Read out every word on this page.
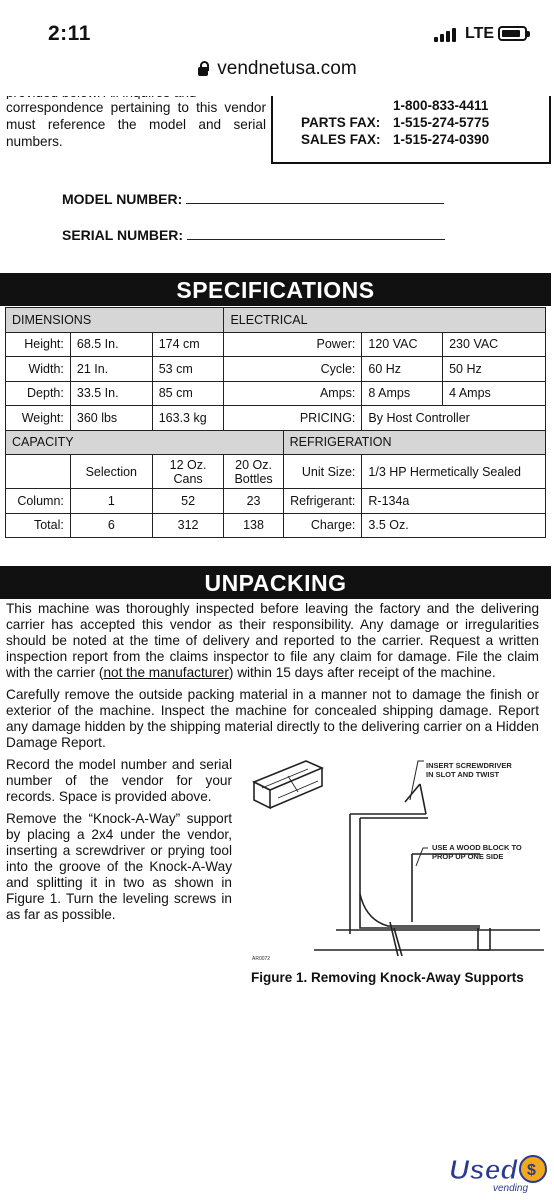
correspondence pertaining to this vendor must reference the model and serial numbers.
1-800-833-4411
PARTS FAX: 1-515-274-5775
SALES FAX: 1-515-274-0390
MODEL NUMBER:
SERIAL NUMBER:
SPECIFICATIONS
DIMENSIONS			ELECTRICAL			
Height:	68.5 In.	174 cm	Power:		120 VAC	230 VAC
Width:	21 In.	53 cm	Cycle:		60 Hz	50 Hz
Depth:	33.5 In.	85 cm	Amps:		8 Amps	4 Amps
Weight:	360 lbs	163.3 kg	PRICING:		By Host Controller	
CAPACITY				REFRIGERATION		
	Selection	12 Oz. Cans	20 Oz. Bottles	Unit Size:	1/3 HP Hermetically Sealed	
Column:	1	52	23	Refrigerant:	R-134a	
Total:	6	312	138	Charge:	3.5 Oz.	
UNPACKING
This machine was thoroughly inspected before leaving the factory and the delivering carrier has accepted this vendor as their responsibility. Any damage or irregularities should be noted at the time of delivery and reported to the carrier. Request a written inspection report from the claims inspector to file any claim for damage. File the claim with the carrier (not the manufacturer) within 15 days after receipt of the machine.
Carefully remove the outside packing material in a manner not to damage the finish or exterior of the machine. Inspect the machine for concealed shipping damage. Report any damage hidden by the shipping material directly to the delivering carrier on a Hidden Damage Report.
Record the model number and serial number of the vendor for your records. Space is provided above.
Remove the “Knock-A-Way” support by placing a 2x4 under the vendor, inserting a screwdriver or prying tool into the groove of the Knock-A-Way and splitting it in two as shown in Figure 1. Turn the leveling screws in as far as possible.
INSERT SCREWDRIVER
IN SLOT AND TWIST
USE A WOOD BLOCK TO
PROP UP ONE SIDE
AR0072
Figure 1. Removing Knock-Away Supports
Used $
vending
2:11	LTE
vendnetusa.com
